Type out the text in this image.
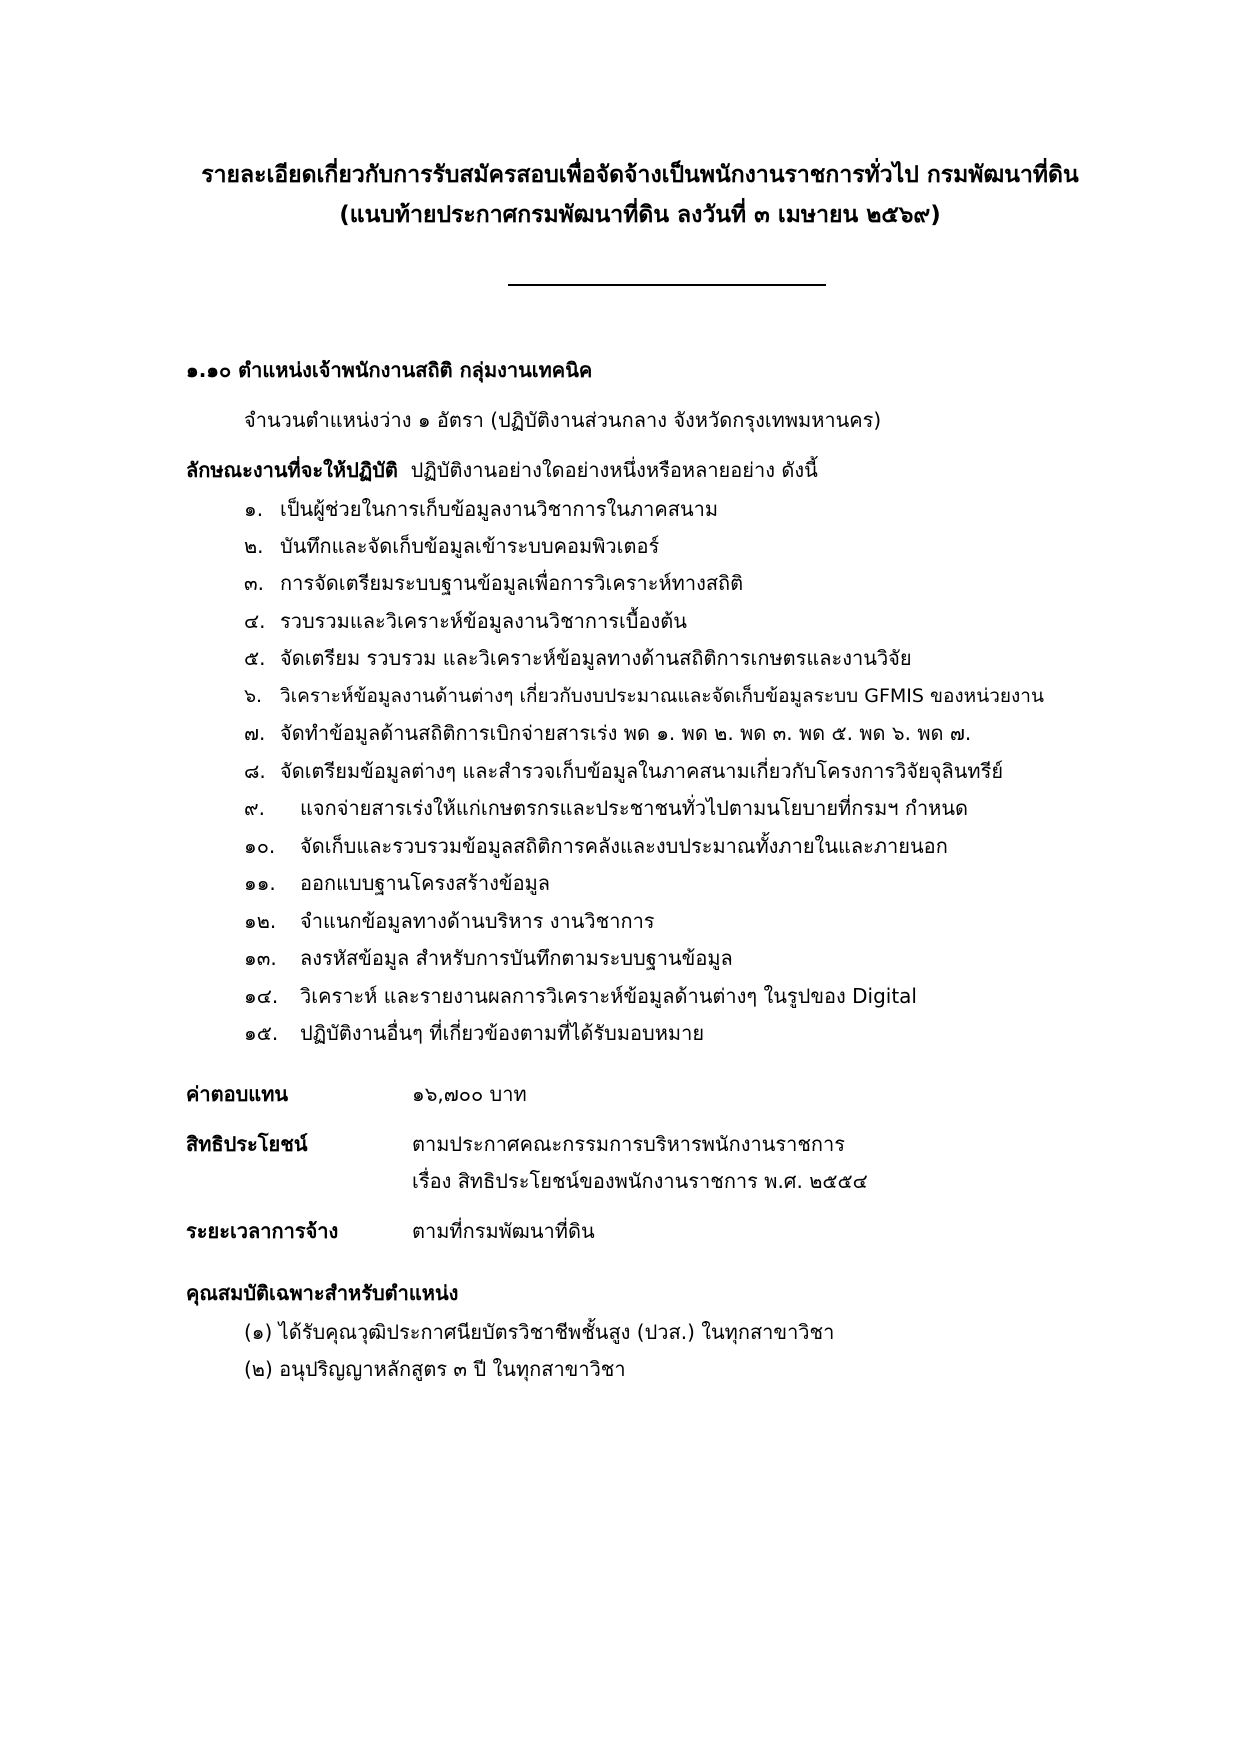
รายละเอียดเกี่ยวกับการรับสมัครสอบเพื่อจัดจ้างเป็นพนักงานราชการทั่วไป กรมพัฒนาที่ดิน
(แนบท้ายประกาศกรมพัฒนาที่ดิน ลงวันที่ ๓ เมษายน ๒๕๖๙)
๑.๑๐ ตำแหน่งเจ้าพนักงานสถิติ กลุ่มงานเทคนิค
จำนวนตำแหน่งว่าง ๑ อัตรา (ปฏิบัติงานส่วนกลาง จังหวัดกรุงเทพมหานคร)
ลักษณะงานที่จะให้ปฏิบัติ ปฏิบัติงานอย่างใดอย่างหนึ่งหรือหลายอย่าง ดังนี้
๑. เป็นผู้ช่วยในการเก็บข้อมูลงานวิชาการในภาคสนาม
๒. บันทึกและจัดเก็บข้อมูลเข้าระบบคอมพิวเตอร์
๓. การจัดเตรียมระบบฐานข้อมูลเพื่อการวิเคราะห์ทางสถิติ
๔. รวบรวมและวิเคราะห์ข้อมูลงานวิชาการเบื้องต้น
๕. จัดเตรียม รวบรวม และวิเคราะห์ข้อมูลทางด้านสถิติการเกษตรและงานวิจัย
๖. วิเคราะห์ข้อมูลงานด้านต่างๆ เกี่ยวกับงบประมาณและจัดเก็บข้อมูลระบบ GFMIS ของหน่วยงาน
๗. จัดทำข้อมูลด้านสถิติการเบิกจ่ายสารเร่ง พด ๑. พด ๒. พด ๓. พด ๕. พด ๖. พด ๗.
๘. จัดเตรียมข้อมูลต่างๆ และสำรวจเก็บข้อมูลในภาคสนามเกี่ยวกับโครงการวิจัยจุลินทรีย์
๙. แจกจ่ายสารเร่งให้แก่เกษตรกรและประชาชนทั่วไปตามนโยบายที่กรมฯ กำหนด
๑๐. จัดเก็บและรวบรวมข้อมูลสถิติการคลังและงบประมาณทั้งภายในและภายนอก
๑๑. ออกแบบฐานโครงสร้างข้อมูล
๑๒. จำแนกข้อมูลทางด้านบริหาร งานวิชาการ
๑๓. ลงรหัสข้อมูล สำหรับการบันทึกตามระบบฐานข้อมูล
๑๔. วิเคราะห์ และรายงานผลการวิเคราะห์ข้อมูลด้านต่างๆ ในรูปของ Digital
๑๕. ปฏิบัติงานอื่นๆ ที่เกี่ยวข้องตามที่ได้รับมอบหมาย
ค่าตอบแทน	๑๖,๗๐๐ บาท
สิทธิประโยชน์	ตามประกาศคณะกรรมการบริหารพนักงานราชการ
เรื่อง สิทธิประโยชน์ของพนักงานราชการ พ.ศ. ๒๕๕๔
ระยะเวลาการจ้าง	ตามที่กรมพัฒนาที่ดิน
คุณสมบัติเฉพาะสำหรับตำแหน่ง
(๑) ได้รับคุณวุฒิประกาศนียบัตรวิชาชีพชั้นสูง (ปวส.) ในทุกสาขาวิชา
(๒) อนุปริญญาหลักสูตร ๓ ปี ในทุกสาขาวิชา
